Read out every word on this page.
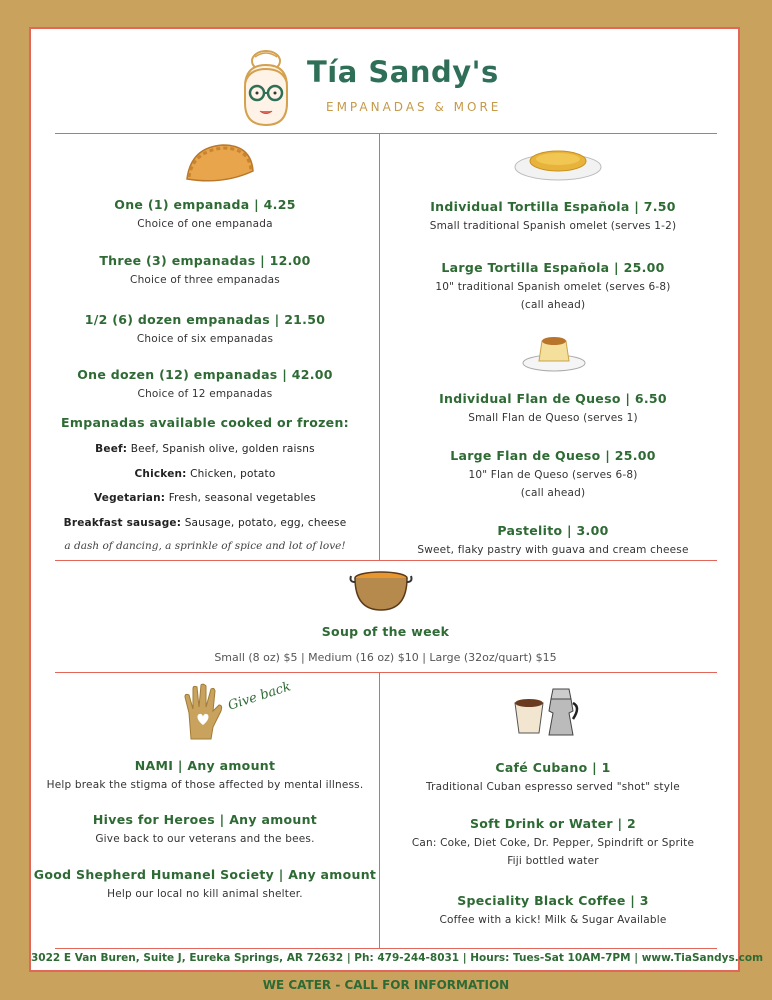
Tía Sandy's
EMPANADAS & MORE
One (1) empanada | 4.25
Choice of one empanada
Three (3) empanadas | 12.00
Choice of three empanadas
1/2 (6) dozen empanadas | 21.50
Choice of six empanadas
One dozen (12) empanadas | 42.00
Choice of 12 empanadas
Empanadas available cooked or frozen:
Beef: Beef, Spanish olive, golden raisns
Chicken: Chicken, potato
Vegetarian: Fresh, seasonal vegetables
Breakfast sausage: Sausage, potato, egg, cheese
a dash of dancing, a sprinkle of spice and lot of love!
Individual Tortilla Española | 7.50
Small traditional Spanish omelet (serves 1-2)
Large Tortilla Española | 25.00
10" traditional Spanish omelet (serves 6-8)
(call ahead)
Individual Flan de Queso | 6.50
Small Flan de Queso (serves 1)
Large Flan de Queso | 25.00
10" Flan de Queso (serves 6-8)
(call ahead)
Pastelito | 3.00
Sweet, flaky pastry with guava and cream cheese
Soup of the week
Small (8 oz) $5 | Medium (16 oz) $10 | Large (32oz/quart) $15
Give back
NAMI | Any amount
Help break the stigma of those affected by mental illness.
Hives for Heroes | Any amount
Give back to our veterans and the bees.
Good Shepherd Humanel Society | Any amount
Help our local no kill animal shelter.
Café Cubano | 1
Traditional Cuban espresso served "shot" style
Soft Drink or Water | 2
Can: Coke, Diet Coke, Dr. Pepper, Spindrift or Sprite
Fiji bottled water
Speciality Black Coffee | 3
Coffee with a kick! Milk & Sugar Available
3022 E Van Buren, Suite J, Eureka Springs, AR 72632 | Ph: 479-244-8031 | Hours: Tues-Sat 10AM-7PM | www.TiaSandys.com
WE CATER - CALL FOR INFORMATION
